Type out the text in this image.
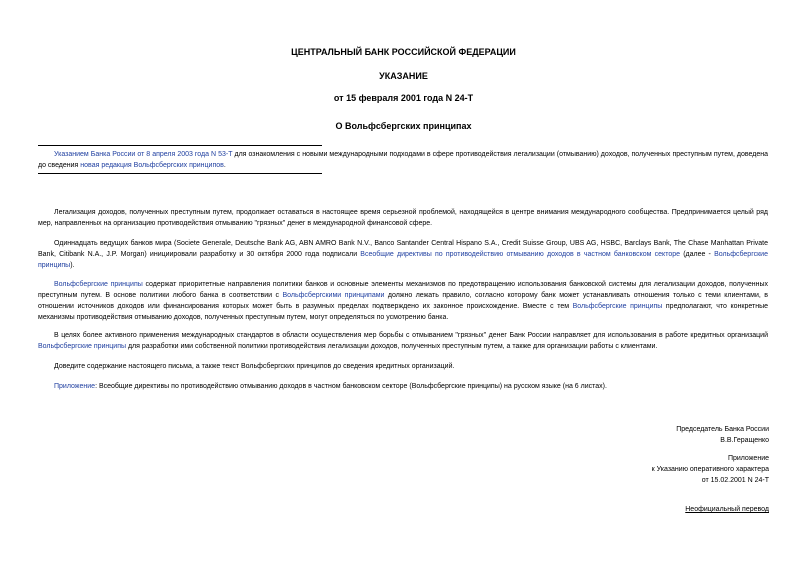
ЦЕНТРАЛЬНЫЙ БАНК РОССИЙСКОЙ ФЕДЕРАЦИИ
УКАЗАНИЕ
от 15 февраля 2001 года N 24-Т
О Вольфсбергских принципах

Указанием Банка России от 8 апреля 2003 года N 53-Т для ознакомления с новыми международными подходами в сфере противодействия легализации (отмыванию) доходов, полученных преступным путем, доведена до сведения новая редакция Вольфсбергских принципов.

Легализация доходов, полученных преступным путем, продолжает оставаться в настоящее время серьезной проблемой, находящейся в центре внимания международного сообщества. Предпринимается целый ряд мер, направленных на организацию противодействия отмыванию "грязных" денег в международной финансовой сфере.

Одиннадцать ведущих банков мира (Societe Generale, Deutsche Bank AG, ABN AMRO Bank N.V., Banco Santander Central Hispano S.A., Credit Suisse Group, UBS AG, HSBC, Barclays Bank, The Chase Manhattan Private Bank, Citibank N.A., J.P. Morgan) инициировали разработку и 30 октября 2000 года подписали Всеобщие директивы по противодействию отмыванию доходов в частном банковском секторе (далее - Вольфсбергские принципы).

Вольфсбергские принципы содержат приоритетные направления политики банков и основные элементы механизмов по предотвращению использования банковской системы для легализации доходов, полученных преступным путем. В основе политики любого банка в соответствии с Вольфсбергскими принципами должно лежать правило, согласно которому банк может устанавливать отношения только с теми клиентами, в отношении источников доходов или финансирования которых может быть в разумных пределах подтверждено их законное происхождение. Вместе с тем Вольфсбергские принципы предполагают, что конкретные механизмы противодействия отмыванию доходов, полученных преступным путем, могут определяться по усмотрению банка.

В целях более активного применения международных стандартов в области осуществления мер борьбы с отмыванием "грязных" денег Банк России направляет для использования в работе кредитных организаций Вольфсбергские принципы для разработки ими собственной политики противодействия легализации доходов, полученных преступным путем, а также для организации работы с клиентами.

Доведите содержание настоящего письма, а также текст Вольфсбергских принципов до сведения кредитных организаций.

Приложение: Всеобщие директивы по противодействию отмыванию доходов в частном банковском секторе (Вольфсбергские принципы) на русском языке (на 6 листах).

Председатель Банка России
В.В.Геращенко
Приложение
к Указанию оперативного характера
от 15.02.2001 N 24-Т
Неофициальный перевод
